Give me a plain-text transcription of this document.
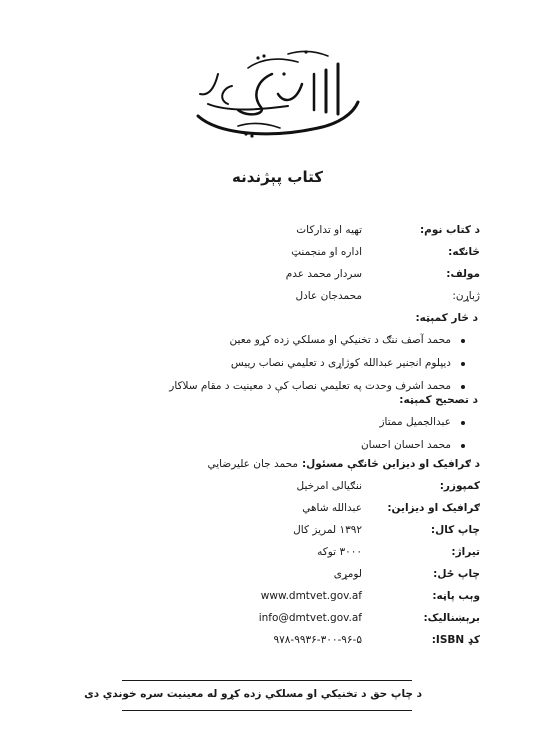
کتاب پېژندنه
د کتاب نوم:
تهیه او تدارکات
څانګه:
اداره او منجمنټ
مولف:
سردار محمد عدم
ژباړن:
محمدجان عادل
د څار کمېټه:
محمد آصف ننګ د تخنیکي او مسلکي زده کړو معین
دیپلوم انجنیر عبدالله کوژاړی د تعلیمي نصاب رییس
محمد اشرف وحدت په تعلیمي نصاب کې د معینیت د مقام سلاکار
د تصحیح کمېټه:
عبدالجمیل ممتاز
محمد احسان احسان
د ګرافیک او دیزاین څانګې مسئول:
محمد جان علیرضایي
کمپوزر:
ننګیالی امرخیل
ګرافیک او دیزاین:
عبدالله شاهي
چاپ کال:
۱۳۹۲ لمریز کال
تیراژ:
۳۰۰۰ توکه
چاپ ځل:
لومړی
وېب پاڼه:
www.dmtvet.gov.af
برېښنالیک:
info@dmtvet.gov.af
کډ ISBN:
۹۷۸-۹۹۳۶-۳۰۰-۹۶-۵
د چاپ حق د تخنیکي او مسلکي زده کړو له معینیت سره خوندي دی
